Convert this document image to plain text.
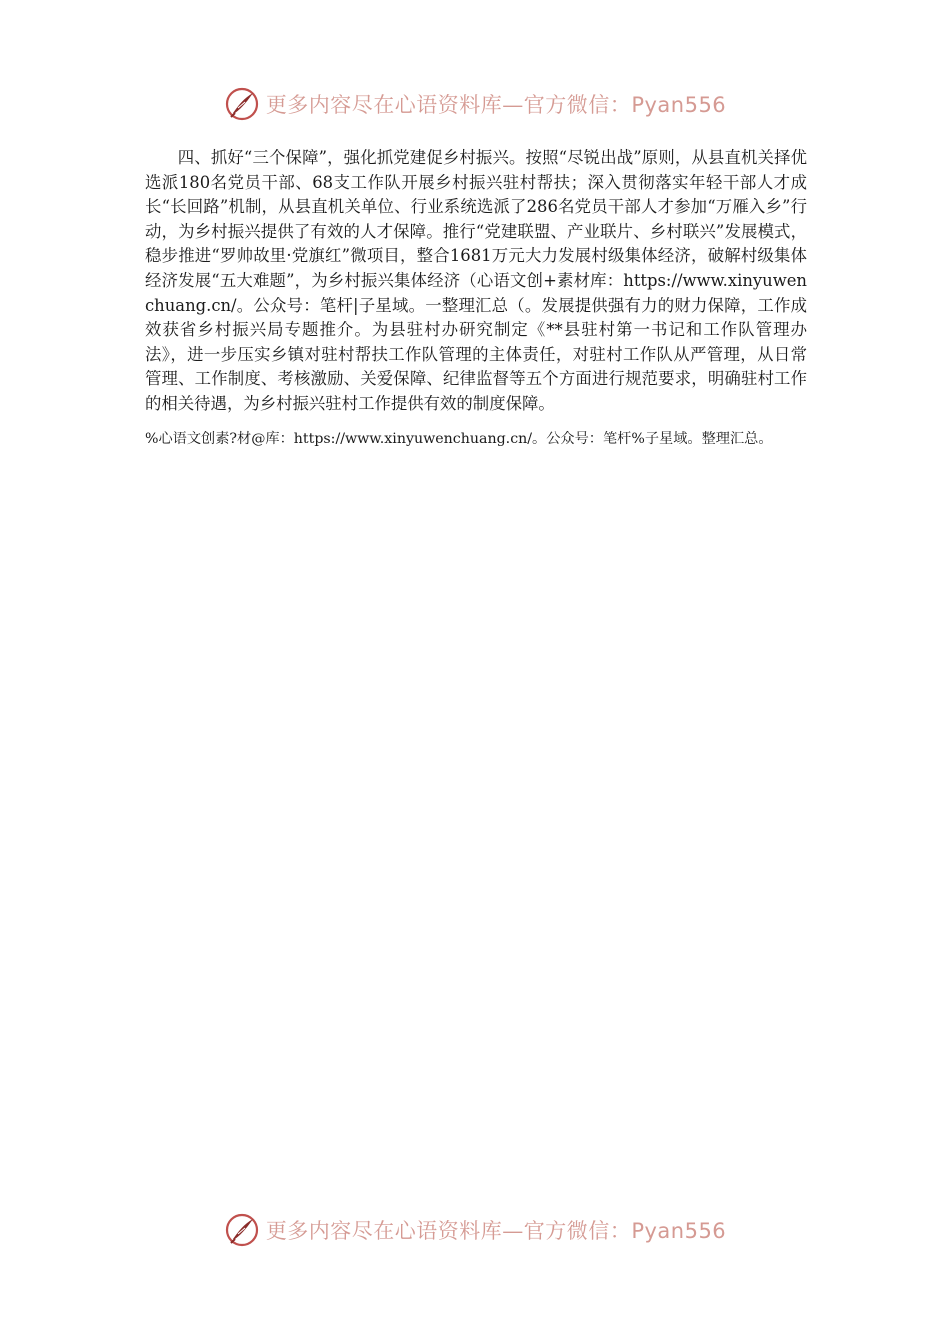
更多内容尽在心语资料库—官方微信：Pyan556

四、抓好“三个保障”，强化抓党建促乡村振兴。按照“尽锐出战”原则，从县直机关择优选派180名党员干部、68支工作队开展乡村振兴驻村帮扶；深入贯彻落实年轻干部人才成长“长回路”机制，从县直机关单位、行业系统选派了286名党员干部人才参加“万雁入乡”行动，为乡村振兴提供了有效的人才保障。推行“党建联盟、产业联片、乡村联兴”发展模式，稳步推进“罗帅故里·党旗红”微项目，整合1681万元大力发展村级集体经济，破解村级集体经济发展“五大难题”，为乡村振兴集体经济（心语文创+素材库：https://www.xinyuwenchuang.cn/。公众号：笔杆|子星域。一整理汇总（。发展提供强有力的财力保障，工作成效获省乡村振兴局专题推介。为县驻村办研究制定《**县驻村第一书记和工作队管理办法》，进一步压实乡镇对驻村帮扶工作队管理的主体责任，对驻村工作队从严管理，从日常管理、工作制度、考核激励、关爱保障、纪律监督等五个方面进行规范要求，明确驻村工作的相关待遇，为乡村振兴驻村工作提供有效的制度保障。

%心语文创素?材@库：https://www.xinyuwenchuang.cn/。公众号：笔杆%子星域。整理汇总。

更多内容尽在心语资料库—官方微信：Pyan556
